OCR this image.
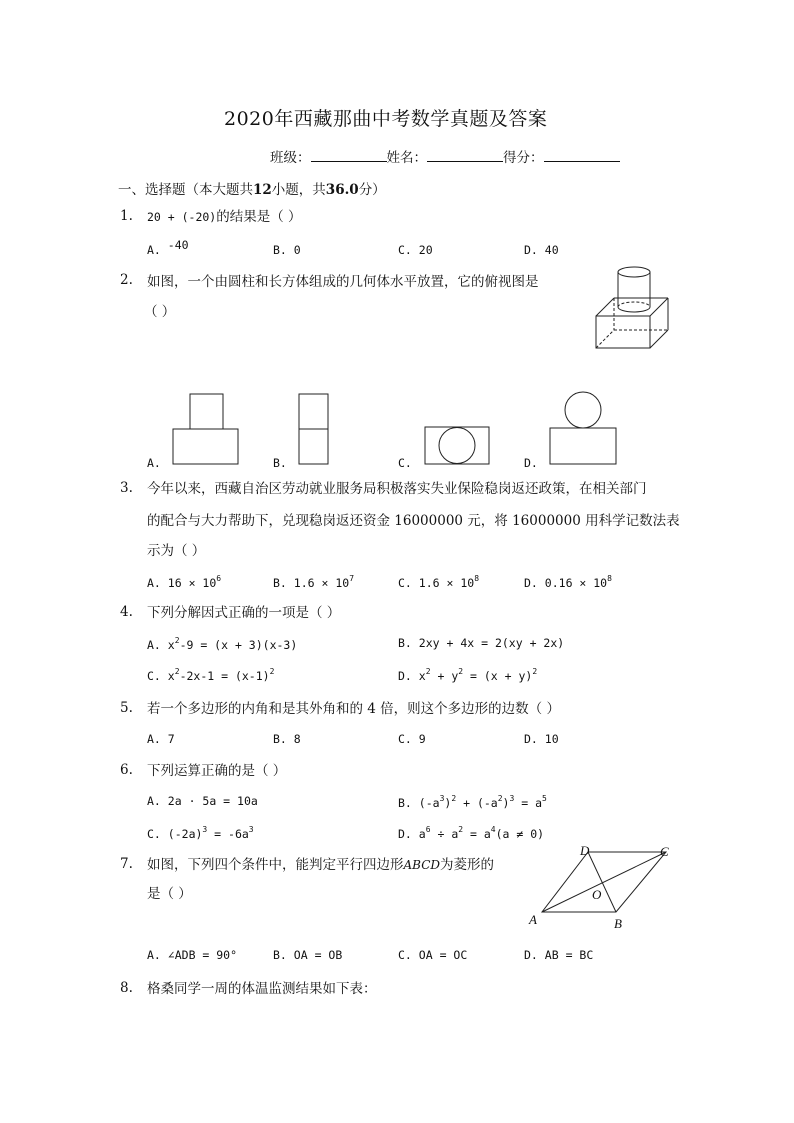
2020年西藏那曲中考数学真题及答案
班级：	姓名：	得分：
一、选择题（本大题共12小题，共36.0分）
1. 20 + (-20)的结果是（ ）
A. -40	B. 0	C. 20	D. 40
2. 如图，一个由圆柱和长方体组成的几何体水平放置，它的俯视图是
（ ）
A.	B.	C.	D.
3. 今年以来，西藏自治区劳动就业服务局积极落实失业保险稳岗返还政策，在相关部门
的配合与大力帮助下，兑现稳岗返还资金 16000000 元，将 16000000 用科学记数法表
示为（ ）
A. $16 \times 10^6$	B. $1.6 \times 10^7$	C. $1.6 \times 10^8$	D. $0.16 \times 10^8$
4. 下列分解因式正确的一项是（ ）
A. $x^2-9 = (x + 3)(x-3)$	B. 2xy + 4x = 2(xy + 2x)
C. $x^2-2x-1 = (x-1)^2$	D. $x^2 + y^2 = (x + y)^2$
5. 若一个多边形的内角和是其外角和的 4 倍，则这个多边形的边数（ ）
A. 7	B. 8	C. 9	D. 10
6. 下列运算正确的是（ ）
A. 2a · 5a = 10a	B. $(-a^3)^2 + (-a^2)^3 = a^5$
C. $(-2a)^3 = -6a^3$	D. $a^6 \div a^2 = a^4(a \ne 0)$
7. 如图，下列四个条件中，能判定平行四边形ABCD为菱形的
是（ ）
A	B
C
D
O
A. ∠ADB = 90°	B. OA = OB	C. OA = OC	D. AB = BC
8. 格桑同学一周的体温监测结果如下表：
